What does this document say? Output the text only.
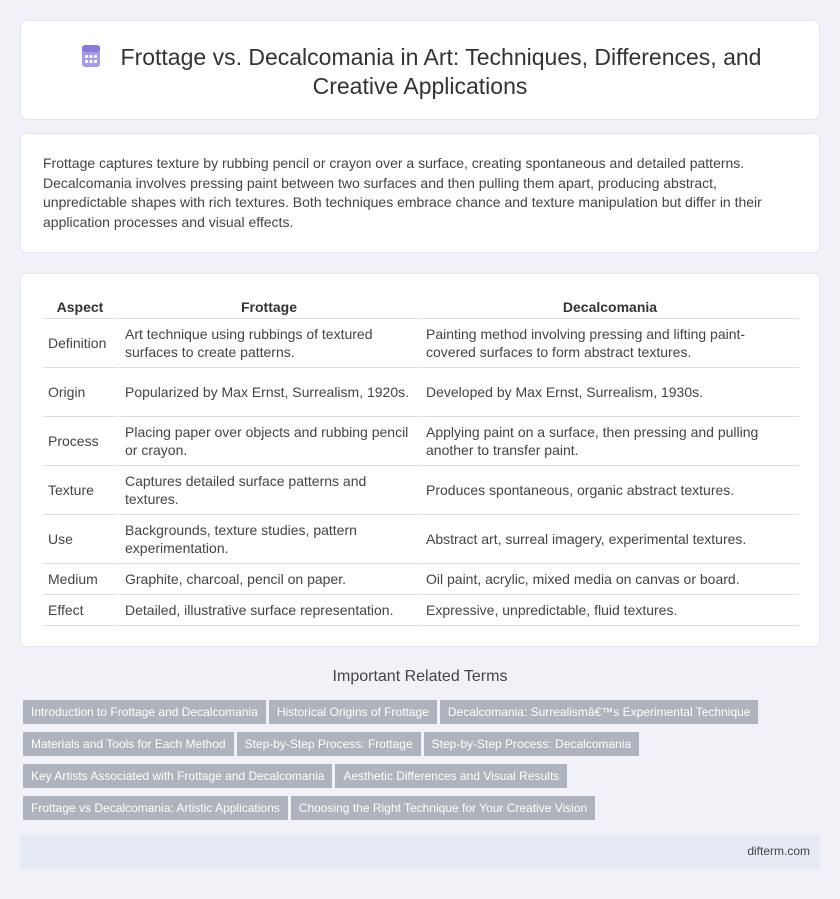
Frottage vs. Decalcomania in Art: Techniques, Differences, and
Creative Applications
Frottage captures texture by rubbing pencil or crayon over a surface, creating spontaneous and detailed patterns. Decalcomania involves pressing paint between two surfaces and then pulling them apart, producing abstract, unpredictable shapes with rich textures. Both techniques embrace chance and texture manipulation but differ in their application processes and visual effects.
Aspect	Frottage	Decalcomania
Definition	Art technique using rubbings of textured surfaces to create patterns.	Painting method involving pressing and lifting paint-covered surfaces to form abstract textures.
Origin	Popularized by Max Ernst, Surrealism, 1920s.	Developed by Max Ernst, Surrealism, 1930s.
Process	Placing paper over objects and rubbing pencil or crayon.	Applying paint on a surface, then pressing and pulling another to transfer paint.
Texture	Captures detailed surface patterns and textures.	Produces spontaneous, organic abstract textures.
Use	Backgrounds, texture studies, pattern experimentation.	Abstract art, surreal imagery, experimental textures.
Medium	Graphite, charcoal, pencil on paper.	Oil paint, acrylic, mixed media on canvas or board.
Effect	Detailed, illustrative surface representation.	Expressive, unpredictable, fluid textures.
Important Related Terms
Introduction to Frottage and Decalcomania Historical Origins of Frottage Decalcomania: Surrealismâ€™s Experimental Technique
Materials and Tools for Each Method Step-by-Step Process: Frottage Step-by-Step Process: Decalcomania
Key Artists Associated with Frottage and Decalcomania Aesthetic Differences and Visual Results
Frottage vs Decalcomania: Artistic Applications Choosing the Right Technique for Your Creative Vision
difterm.com
